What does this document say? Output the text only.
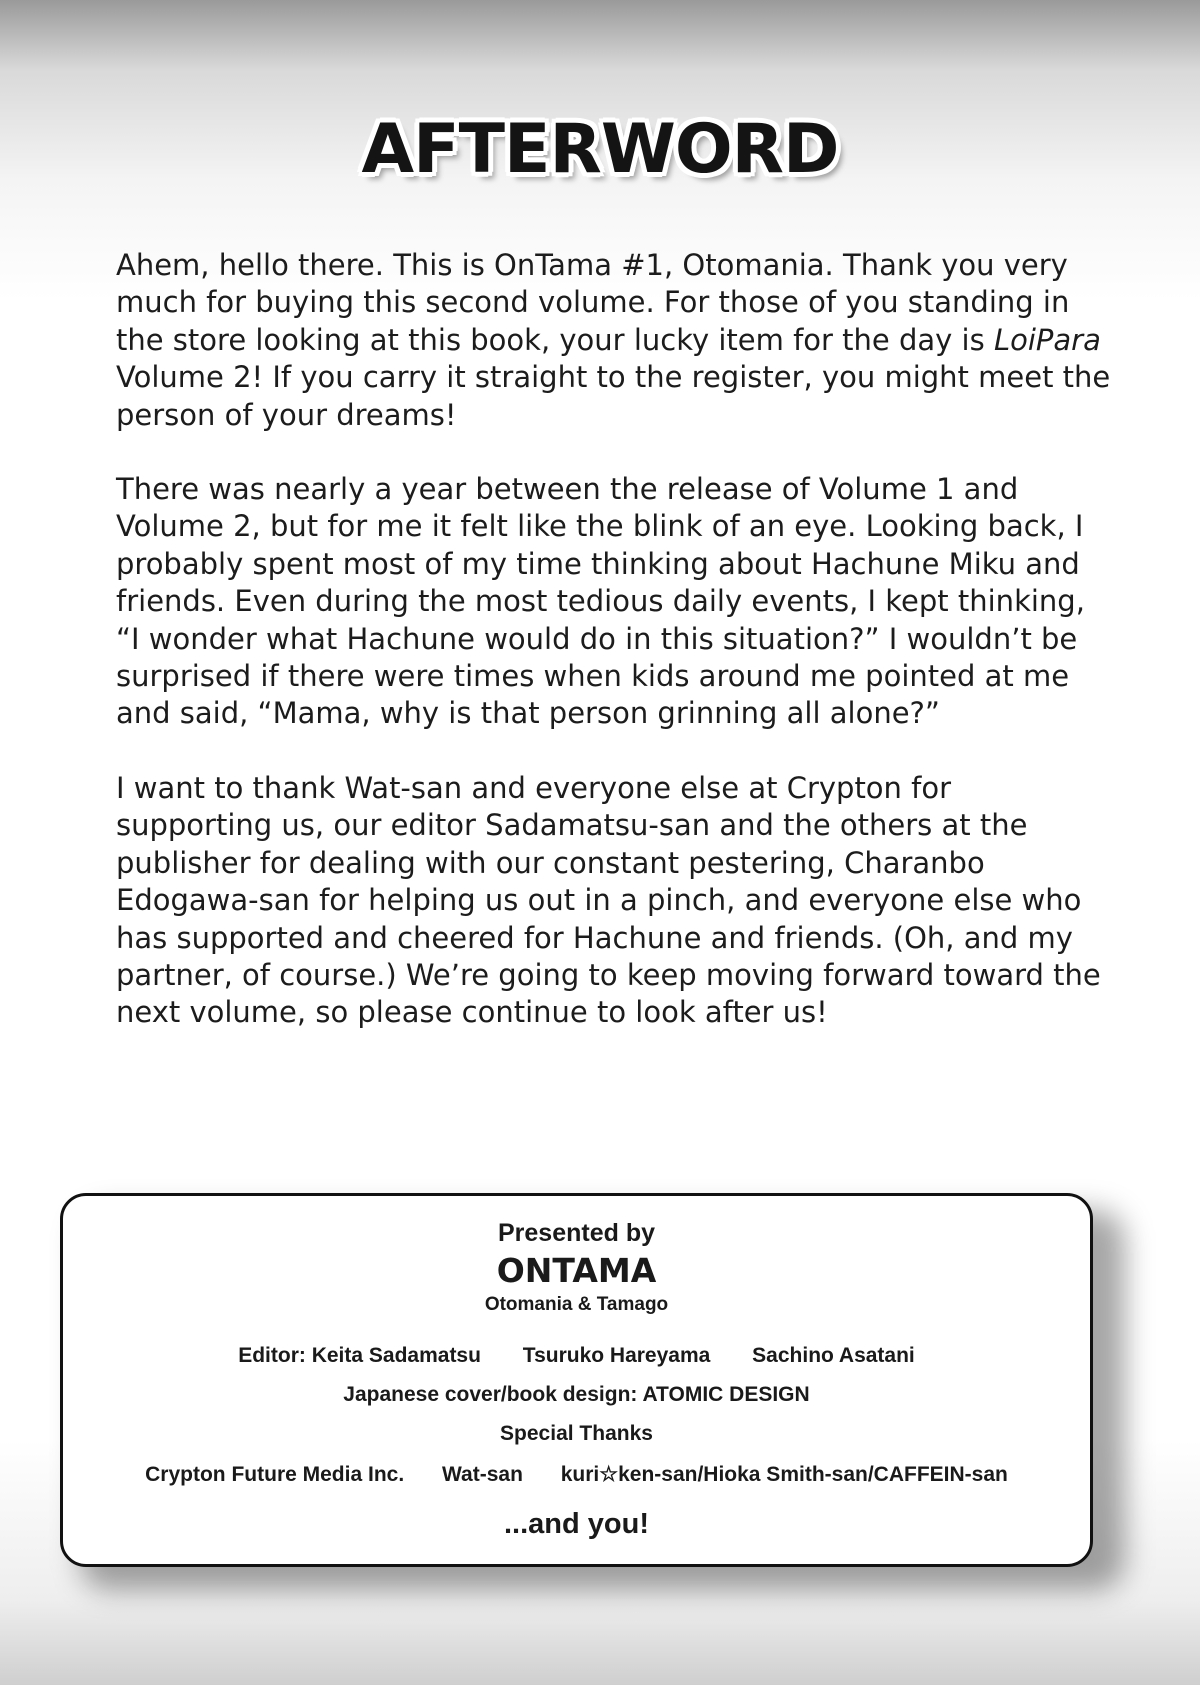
AFTERWORD

Ahem, hello there. This is OnTama #1, Otomania. Thank you very much for buying this second volume. For those of you standing in the store looking at this book, your lucky item for the day is LoiPara Volume 2! If you carry it straight to the register, you might meet the person of your dreams!

There was nearly a year between the release of Volume 1 and Volume 2, but for me it felt like the blink of an eye. Looking back, I probably spent most of my time thinking about Hachune Miku and friends. Even during the most tedious daily events, I kept thinking, “I wonder what Hachune would do in this situation?” I wouldn’t be surprised if there were times when kids around me pointed at me and said, “Mama, why is that person grinning all alone?”

I want to thank Wat-san and everyone else at Crypton for supporting us, our editor Sadamatsu-san and the others at the publisher for dealing with our constant pestering, Charanbo Edogawa-san for helping us out in a pinch, and everyone else who has supported and cheered for Hachune and friends. (Oh, and my partner, of course.) We’re going to keep moving forward toward the next volume, so please continue to look after us!

Presented by
ONTAMA
Otomania & Tamago
Editor: Keita Sadamatsu Tsuruko Hareyama Sachino Asatani
Japanese cover/book design: ATOMIC DESIGN
Special Thanks
Crypton Future Media Inc. Wat-san kuri☆ken-san/Hioka Smith-san/CAFFEIN-san
...and you!
